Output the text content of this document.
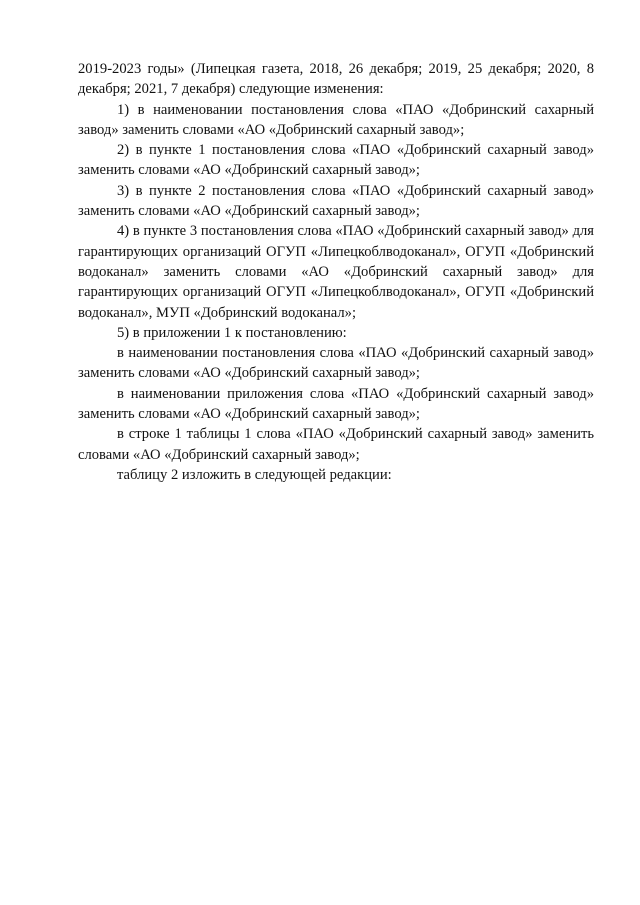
2019-2023 годы» (Липецкая газета, 2018, 26 декабря; 2019, 25 декабря; 2020, 8 декабря; 2021, 7 декабря) следующие изменения:

1) в наименовании постановления слова «ПАО «Добринский сахарный завод» заменить словами «АО «Добринский сахарный завод»;

2) в пункте 1 постановления слова «ПАО «Добринский сахарный завод» заменить словами «АО «Добринский сахарный завод»;

3) в пункте 2 постановления слова «ПАО «Добринский сахарный завод» заменить словами «АО «Добринский сахарный завод»;

4) в пункте 3 постановления слова «ПАО «Добринский сахарный завод» для гарантирующих организаций ОГУП «Липецкоблводоканал», ОГУП «Добринский водоканал» заменить словами «АО «Добринский сахарный завод» для гарантирующих организаций ОГУП «Липецкоблводоканал», ОГУП «Добринский водоканал», МУП «Добринский водоканал»;

5) в приложении 1 к постановлению:

в наименовании постановления слова «ПАО «Добринский сахарный завод» заменить словами «АО «Добринский сахарный завод»;

в наименовании приложения слова «ПАО «Добринский сахарный завод» заменить словами «АО «Добринский сахарный завод»;

в строке 1 таблицы 1 слова «ПАО «Добринский сахарный завод» заменить словами «АО «Добринский сахарный завод»;

таблицу 2 изложить в следующей редакции:
